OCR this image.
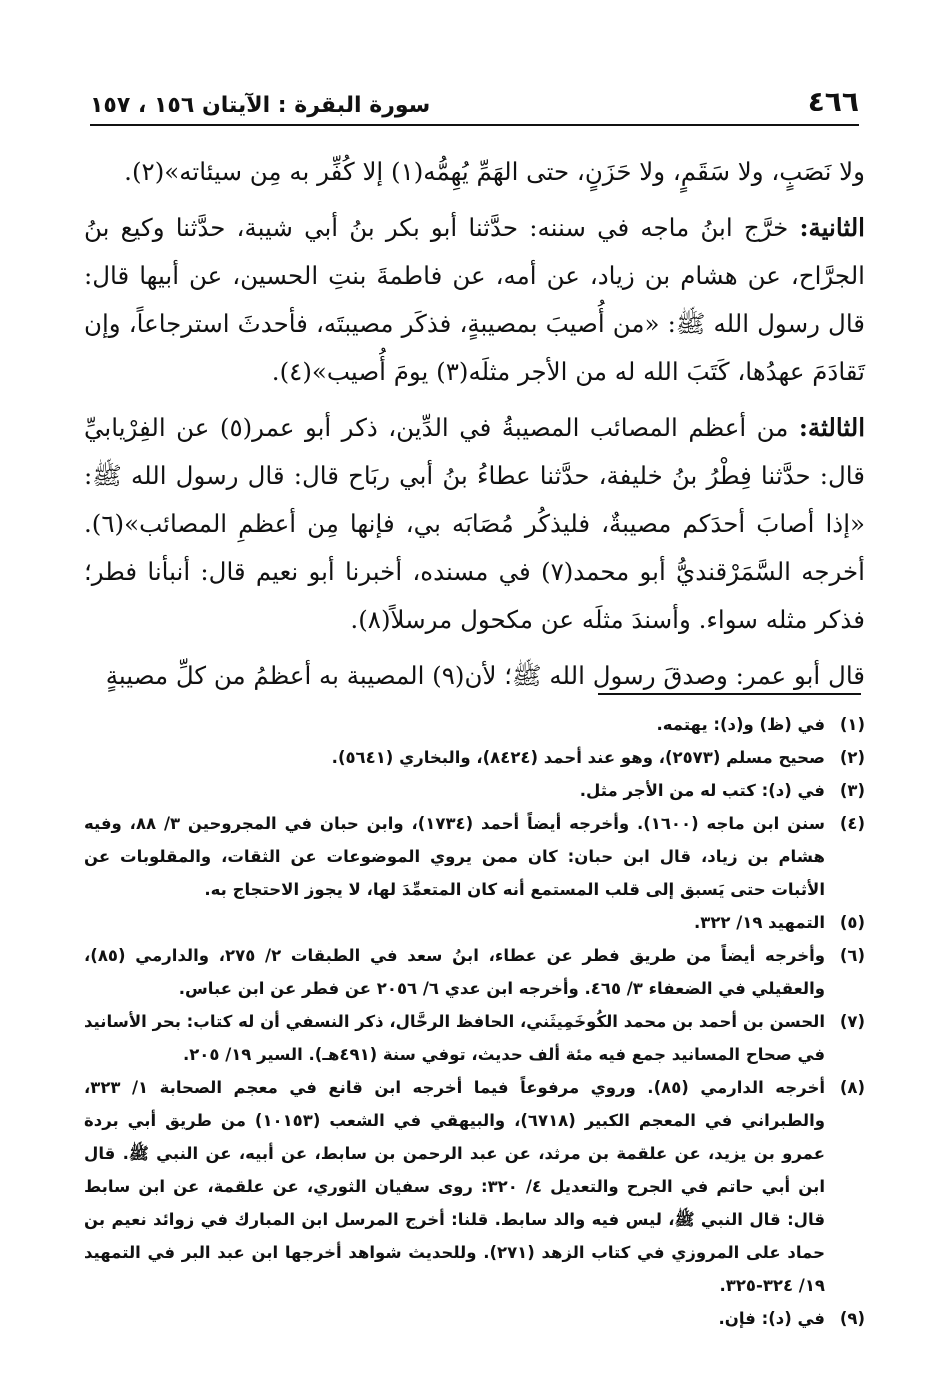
٤٦٦
سورة البقرة : الآيتان ١٥٦ ، ١٥٧

ولا نَصَبٍ، ولا سَقَمٍ، ولا حَزَنٍ، حتى الهَمِّ يُهِمُّه(١) إلا كُفِّر به مِن سيئاته»(٢).

الثانية: خرَّج ابنُ ماجه في سننه: حدَّثنا أبو بكر بنُ أبي شيبة، حدَّثنا وكيع بنُ الجرَّاح، عن هشام بن زياد، عن أمه، عن فاطمةَ بنتِ الحسين، عن أبيها قال: قال رسول الله ﷺ: «من أُصيبَ بمصيبةٍ، فذكَر مصيبتَه، فأحدثَ استرجاعاً، وإن تَقادَمَ عهدُها، كَتَبَ الله له من الأجر مثلَه(٣) يومَ أُصيب»(٤).

الثالثة: من أعظم المصائب المصيبةُ في الدِّين، ذكر أبو عمر(٥) عن الفِرْيابيِّ قال: حدَّثنا فِطْرُ بنُ خليفة، حدَّثنا عطاءُ بنُ أبي ربَاح قال: قال رسول الله ﷺ: «إذا أصابَ أحدَكم مصيبةٌ، فليذكُر مُصَابَه بي، فإنها مِن أعظمِ المصائب»(٦). أخرجه السَّمَرْقنديُّ أبو محمد(٧) في مسنده، أخبرنا أبو نعيم قال: أنبأنا فطر؛ فذكر مثله سواء. وأسندَ مثلَه عن مكحول مرسلاً(٨).

قال أبو عمر: وصدقَ رسول الله ﷺ؛ لأن(٩) المصيبة به أعظمُ من كلِّ مصيبةٍ

(١)
في (ظ) و(د): يهتمه.
(٢)
صحيح مسلم (٢٥٧٣)، وهو عند أحمد (٨٤٢٤)، والبخاري (٥٦٤١).
(٣)
في (د): كتب له من الأجر مثل.
(٤)
سنن ابن ماجه (١٦٠٠). وأخرجه أيضاً أحمد (١٧٣٤)، وابن حبان في المجروحين ٣/ ٨٨، وفيه هشام بن زياد، قال ابن حبان: كان ممن يروي الموضوعات عن الثقات، والمقلوبات عن الأثبات حتى يَسبق إلى قلب المستمع أنه كان المتعمِّدَ لها، لا يجوز الاحتجاج به.
(٥)
التمهيد ١٩/ ٣٢٢.
(٦)
وأخرجه أيضاً من طريق فطر عن عطاء، ابنُ سعد في الطبقات ٢/ ٢٧٥، والدارمي (٨٥)، والعقيلي في الضعفاء ٣/ ٤٦٥. وأخرجه ابن عدي ٦/ ٢٠٥٦ عن فطر عن ابن عباس.
(٧)
الحسن بن أحمد بن محمد الكُوخَمِيثَني، الحافظ الرحَّال، ذكر النسفي أن له كتاب: بحر الأسانيد في صحاح المسانيد جمع فيه مئة ألف حديث، توفي سنة (٤٩١هـ). السير ١٩/ ٢٠٥.
(٨)
أخرجه الدارمي (٨٥). وروي مرفوعاً فيما أخرجه ابن قانع في معجم الصحابة ١/ ٣٢٣، والطبراني في المعجم الكبير (٦٧١٨)، والبيهقي في الشعب (١٠١٥٣) من طريق أبي بردة عمرو بن يزيد، عن علقمة بن مرثد، عن عبد الرحمن بن سابط، عن أبيه، عن النبي ﷺ. قال ابن أبي حاتم في الجرح والتعديل ٤/ ٣٢٠: روى سفيان الثوري، عن علقمة، عن ابن سابط قال: قال النبي ﷺ، ليس فيه والد سابط. قلنا: أخرج المرسل ابن المبارك في زوائد نعيم بن حماد على المروزي في كتاب الزهد (٢٧١). وللحديث شواهد أخرجها ابن عبد البر في التمهيد ١٩/ ٣٢٤-٣٢٥.
(٩)
في (د): فإن.
